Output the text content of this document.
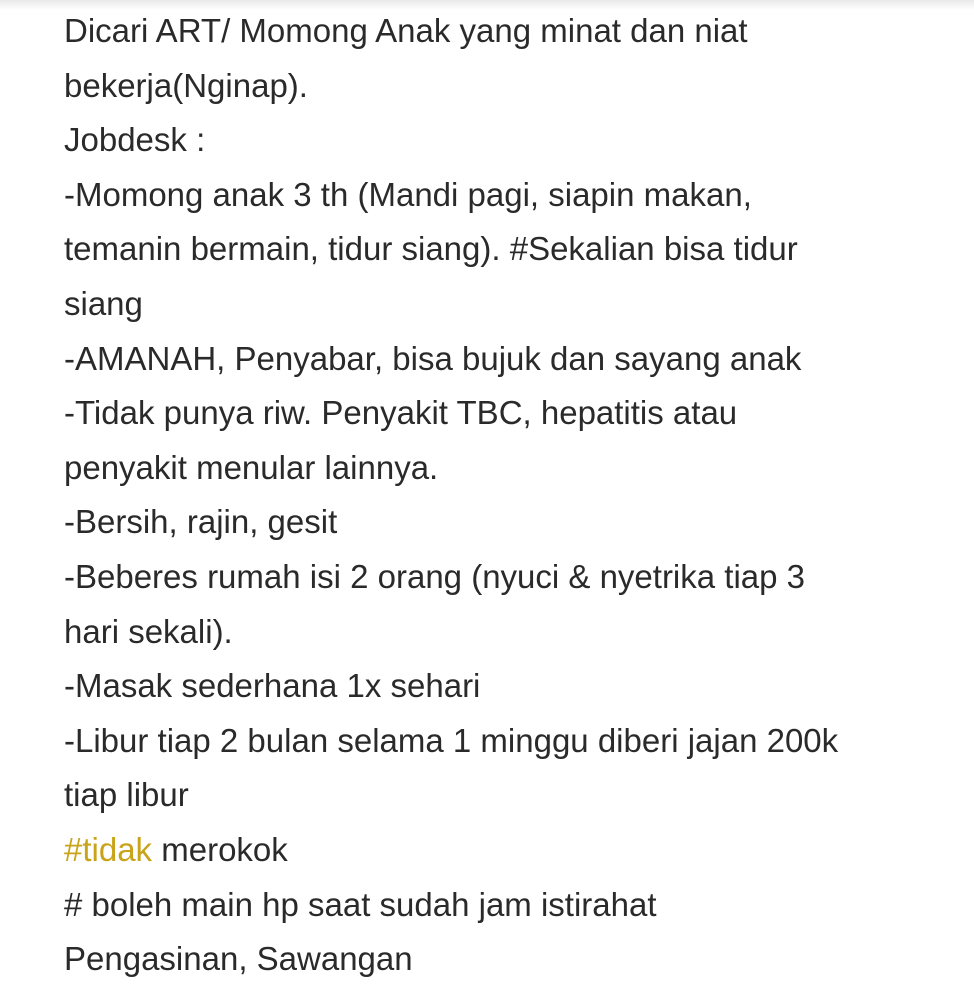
Dicari ART/ Momong Anak yang minat dan niat
bekerja(Nginap).
Jobdesk :
-Momong anak 3 th (Mandi pagi, siapin makan,
temanin bermain, tidur siang). #Sekalian bisa tidur
siang
-AMANAH, Penyabar, bisa bujuk dan sayang anak
-Tidak punya riw. Penyakit TBC, hepatitis atau
penyakit menular lainnya.
-Bersih, rajin, gesit
-Beberes rumah isi 2 orang (nyuci & nyetrika tiap 3
hari sekali).
-Masak sederhana 1x sehari
-Libur tiap 2 bulan selama 1 minggu diberi jajan 200k
tiap libur
#tidak merokok
# boleh main hp saat sudah jam istirahat
Pengasinan, Sawangan
